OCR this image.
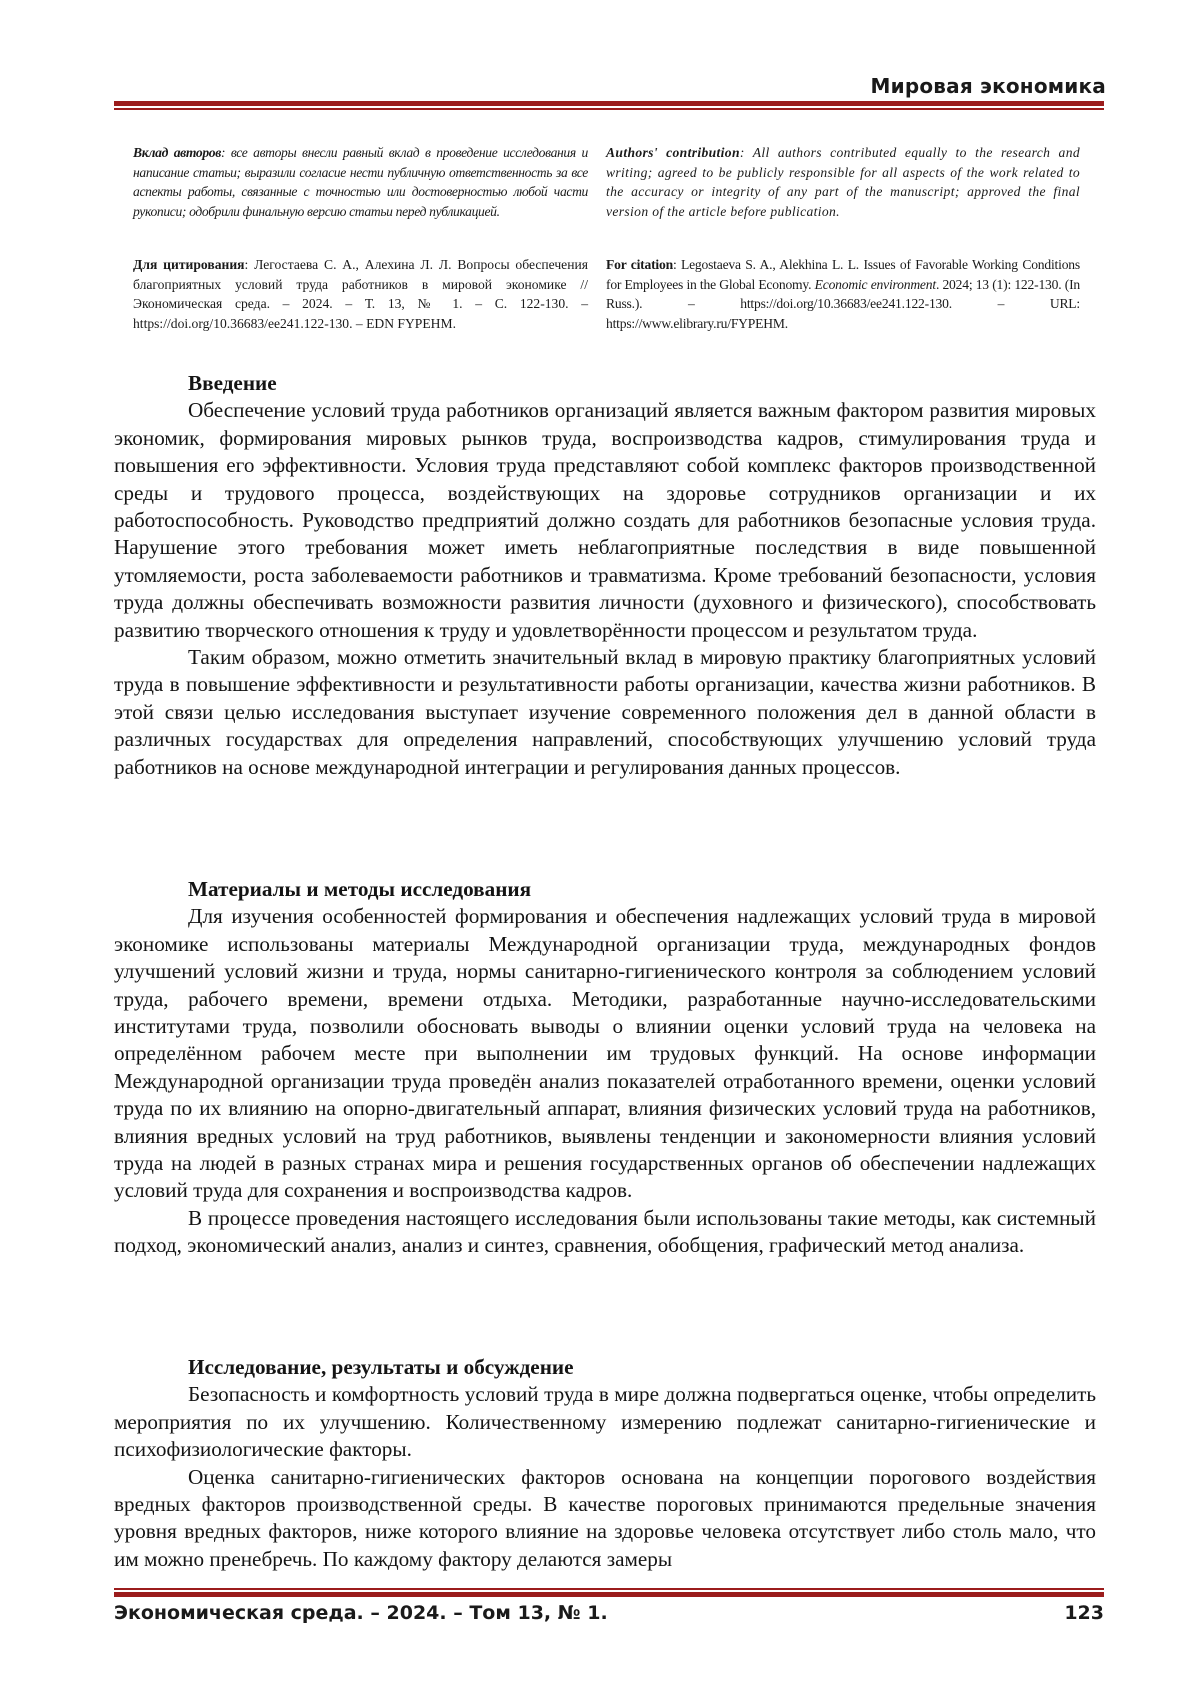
Мировая экономика

Вклад авторов: все авторы внесли равный вклад в проведение исследования и написание статьи; выразили согласие нести публичную ответственность за все аспекты работы, связанные с точностью или достоверностью любой части рукописи; одобрили финальную версию статьи перед публикацией.

Authors' contribution: All authors contributed equally to the research and writing; agreed to be publicly responsible for all aspects of the work related to the accuracy or integrity of any part of the manuscript; approved the final version of the article before publication.

Для цитирования: Легостаева С. А., Алехина Л. Л. Вопросы обеспечения благоприятных условий труда работников в мировой экономике // Экономическая среда. – 2024. – Т. 13, № 1. – С. 122-130. – https://doi.org/10.36683/ee241.122-130. – EDN FYPEHM.

For citation: Legostaeva S. A., Alekhina L. L. Issues of Favorable Working Conditions for Employees in the Global Economy. Economic environment. 2024; 13 (1): 122-130. (In Russ.). – https://doi.org/10.36683/ee241.122-130. – URL: https://www.elibrary.ru/FYPEHM.

Введение

Обеспечение условий труда работников организаций является важным фактором развития мировых экономик, формирования мировых рынков труда, воспроизводства кадров, стимулирования труда и повышения его эффективности. Условия труда представляют собой комплекс факторов производственной среды и трудового процесса, воздействующих на здоровье сотрудников организации и их работоспособность. Руководство предприятий должно создать для работников безопасные условия труда. Нарушение этого требования может иметь неблагоприятные последствия в виде повышенной утомляемости, роста заболеваемости работников и травматизма. Кроме требований безопасности, условия труда должны обеспечивать возможности развития личности (духовного и физического), способствовать развитию творческого отношения к труду и удовлетворённости процессом и результатом труда.

Таким образом, можно отметить значительный вклад в мировую практику благоприятных условий труда в повышение эффективности и результативности работы организации, качества жизни работников. В этой связи целью исследования выступает изучение современного положения дел в данной области в различных государствах для определения направлений, способствующих улучшению условий труда работников на основе международной интеграции и регулирования данных процессов.

Материалы и методы исследования

Для изучения особенностей формирования и обеспечения надлежащих условий труда в мировой экономике использованы материалы Международной организации труда, международных фондов улучшений условий жизни и труда, нормы санитарно-гигиенического контроля за соблюдением условий труда, рабочего времени, времени отдыха. Методики, разработанные научно-исследовательскими институтами труда, позволили обосновать выводы о влиянии оценки условий труда на человека на определённом рабочем месте при выполнении им трудовых функций. На основе информации Международной организации труда проведён анализ показателей отработанного времени, оценки условий труда по их влиянию на опорно-двигательный аппарат, влияния физических условий труда на работников, влияния вредных условий на труд работников, выявлены тенденции и закономерности влияния условий труда на людей в разных странах мира и решения государственных органов об обеспечении надлежащих условий труда для сохранения и воспроизводства кадров.

В процессе проведения настоящего исследования были использованы такие методы, как системный подход, экономический анализ, анализ и синтез, сравнения, обобщения, графический метод анализа.

Исследование, результаты и обсуждение

Безопасность и комфортность условий труда в мире должна подвергаться оценке, чтобы определить мероприятия по их улучшению. Количественному измерению подлежат санитарно-гигиенические и психофизиологические факторы.

Оценка санитарно-гигиенических факторов основана на концепции порогового воздействия вредных факторов производственной среды. В качестве пороговых принимаются предельные значения уровня вредных факторов, ниже которого влияние на здоровье человека отсутствует либо столь мало, что им можно пренебречь. По каждому фактору делаются замеры

Экономическая среда. – 2024. – Том 13, № 1.	123
